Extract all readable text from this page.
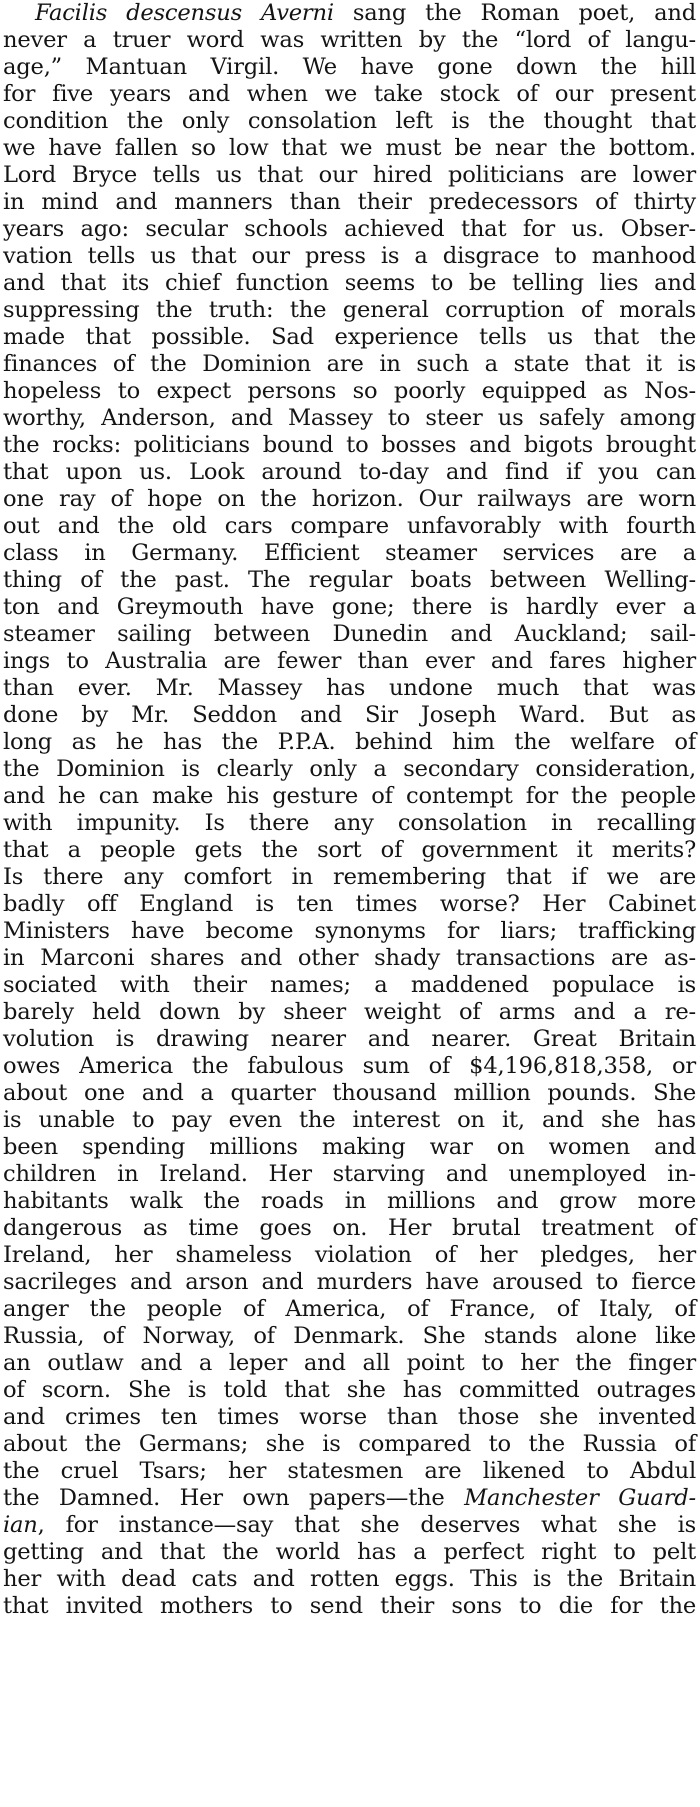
Facilis descensus Averni sang the Roman poet, and
never a truer word was written by the “lord of langu-
age,” Mantuan Virgil. We have gone down the hill
for five years and when we take stock of our present
condition the only consolation left is the thought that
we have fallen so low that we must be near the bottom.
Lord Bryce tells us that our hired politicians are lower
in mind and manners than their predecessors of thirty
years ago: secular schools achieved that for us. Obser-
vation tells us that our press is a disgrace to manhood
and that its chief function seems to be telling lies and
suppressing the truth: the general corruption of morals
made that possible. Sad experience tells us that the
finances of the Dominion are in such a state that it is
hopeless to expect persons so poorly equipped as Nos-
worthy, Anderson, and Massey to steer us safely among
the rocks: politicians bound to bosses and bigots brought
that upon us. Look around to-day and find if you can
one ray of hope on the horizon. Our railways are worn
out and the old cars compare unfavorably with fourth
class in Germany. Efficient steamer services are a
thing of the past. The regular boats between Welling-
ton and Greymouth have gone; there is hardly ever a
steamer sailing between Dunedin and Auckland; sail-
ings to Australia are fewer than ever and fares higher
than ever. Mr. Massey has undone much that was
done by Mr. Seddon and Sir Joseph Ward. But as
long as he has the P.P.A. behind him the welfare of
the Dominion is clearly only a secondary consideration,
and he can make his gesture of contempt for the people
with impunity. Is there any consolation in recalling
that a people gets the sort of government it merits?
Is there any comfort in remembering that if we are
badly off England is ten times worse? Her Cabinet
Ministers have become synonyms for liars; trafficking
in Marconi shares and other shady transactions are as-
sociated with their names; a maddened populace is
barely held down by sheer weight of arms and a re-
volution is drawing nearer and nearer. Great Britain
owes America the fabulous sum of $4,196,818,358, or
about one and a quarter thousand million pounds. She
is unable to pay even the interest on it, and she has
been spending millions making war on women and
children in Ireland. Her starving and unemployed in-
habitants walk the roads in millions and grow more
dangerous as time goes on. Her brutal treatment of
Ireland, her shameless violation of her pledges, her
sacrileges and arson and murders have aroused to fierce
anger the people of America, of France, of Italy, of
Russia, of Norway, of Denmark. She stands alone like
an outlaw and a leper and all point to her the finger
of scorn. She is told that she has committed outrages
and crimes ten times worse than those she invented
about the Germans; she is compared to the Russia of
the cruel Tsars; her statesmen are likened to Abdul
the Damned. Her own papers—the Manchester Guard-
ian, for instance—say that she deserves what she is
getting and that the world has a perfect right to pelt
her with dead cats and rotten eggs. This is the Britain
that invited mothers to send their sons to die for the
